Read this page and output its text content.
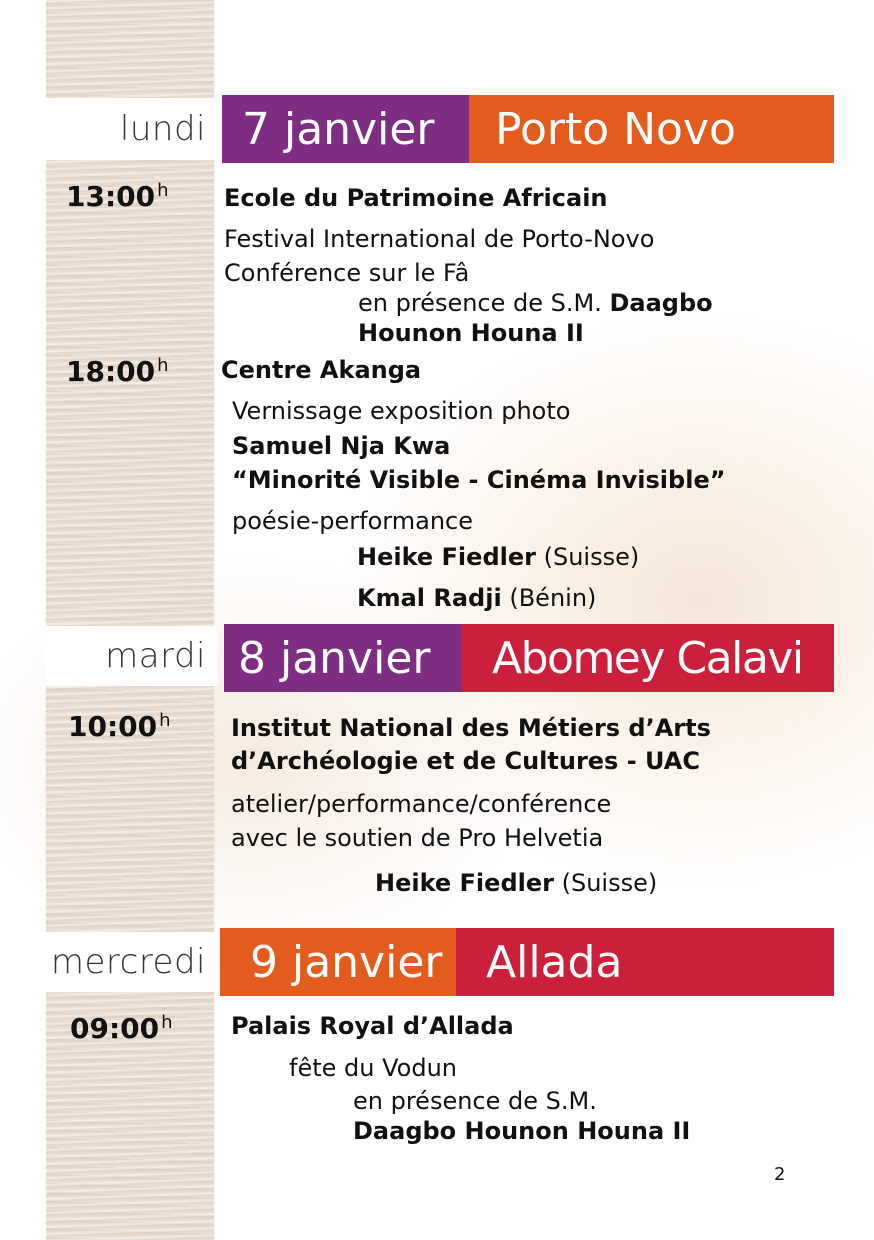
lundi 7 janvier	Porto Novo
13:00 $^h$ Ecole du Patrimoine Africain
Festival International de Porto-Novo
Conférence sur le Fâ
en présence de S.M. Daagbo
Hounon Houna II
18:00 $^h$ Centre Akanga
Vernissage exposition photo
Samuel Nja Kwa
“Minorité Visible - Cinéma Invisible”
poésie-performance
Heike Fiedler (Suisse)
Kmal Radji (Bénin)
mardi 8 janvier	Abomey Calavi
10:00 $^h$	Institut National des Métiers d’Arts
d’Archéologie et de Cultures - UAC
atelier/performance/conférence
avec le soutien de Pro Helvetia
Heike Fiedler (Suisse)
mercredi	9 janvier Allada
09:00 $^h$ Palais Royal d’Allada
fête du Vodun
en présence de S.M.
Daagbo Hounon Houna II
2
